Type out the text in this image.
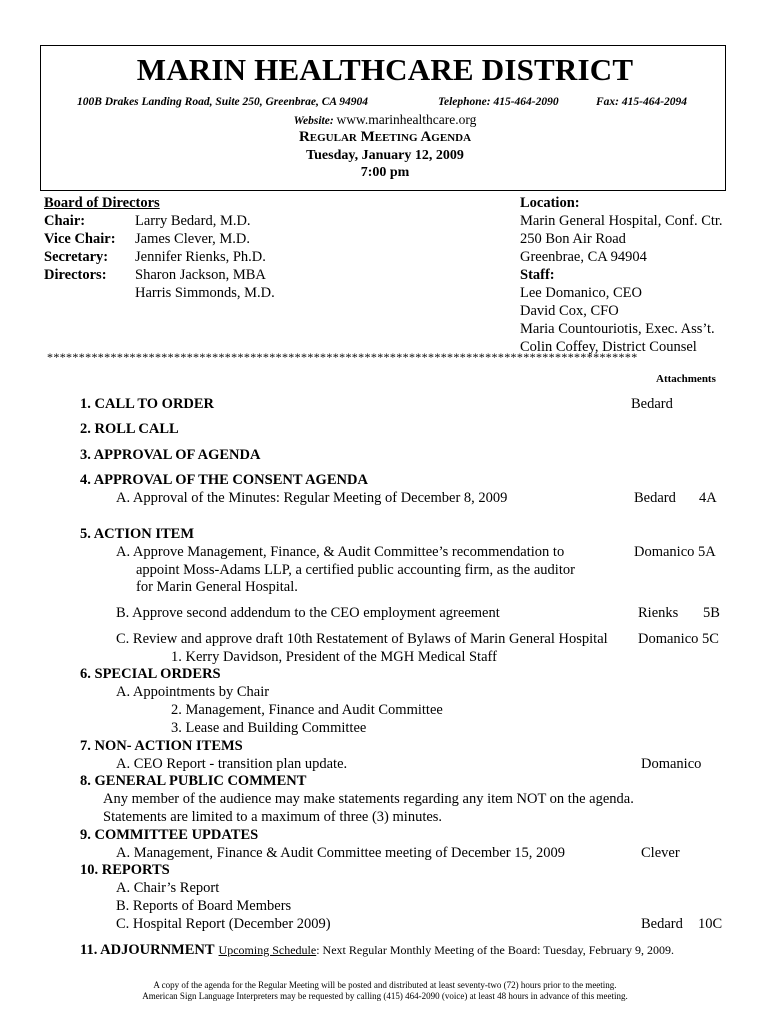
MARIN HEALTHCARE DISTRICT
100B Drakes Landing Road, Suite 250, Greenbrae, CA 94904	Telephone: 415-464-2090	Fax: 415-464-2094
Website: www.marinhealthcare.org
Regular Meeting Agenda
Tuesday, January 12, 2009
7:00 pm
Board of Directors
Chair:	Larry Bedard, M.D.
Vice Chair: James Clever, M.D.
Secretary: Jennifer Rienks, Ph.D.
Directors: Sharon Jackson, MBA
Harris Simmonds, M.D.
Location:
Marin General Hospital, Conf. Ctr.
250 Bon Air Road
Greenbrae, CA 94904
Staff:
Lee Domanico, CEO
David Cox, CFO
Maria Countouriotis, Exec. Ass’t.
Colin Coffey, District Counsel
*********************************************************************************************
Attachments
1. CALL TO ORDER	Bedard
2. ROLL CALL
3. APPROVAL OF AGENDA
4. APPROVAL OF THE CONSENT AGENDA
A. Approval of the Minutes: Regular Meeting of December 8, 2009	Bedard 4A
5. ACTION ITEM
A. Approve Management, Finance, & Audit Committee’s recommendation to
appoint Moss-Adams LLP, a certified public accounting firm, as the auditor
for Marin General Hospital.
Domanico 5A
B. Approve second addendum to the CEO employment agreement	Rienks 5B
C. Review and approve draft 10th Restatement of Bylaws of Marin General Hospital Domanico 5C
1. Kerry Davidson, President of the MGH Medical Staff
6. SPECIAL ORDERS
A. Appointments by Chair
2. Management, Finance and Audit Committee
3. Lease and Building Committee
7. NON- ACTION ITEMS
A. CEO Report - transition plan update.	Domanico
8. GENERAL PUBLIC COMMENT
Any member of the audience may make statements regarding any item NOT on the agenda.
Statements are limited to a maximum of three (3) minutes.
9. COMMITTEE UPDATES
A. Management, Finance & Audit Committee meeting of December 15, 2009	Clever
10. REPORTS
A. Chair’s Report
B. Reports of Board Members
C. Hospital Report (December 2009)	Bedard 10C
11. ADJOURNMENT Upcoming Schedule: Next Regular Monthly Meeting of the Board: Tuesday, February 9, 2009.
A copy of the agenda for the Regular Meeting will be posted and distributed at least seventy-two (72) hours prior to the meeting.
American Sign Language Interpreters may be requested by calling (415) 464-2090 (voice) at least 48 hours in advance of this meeting.
